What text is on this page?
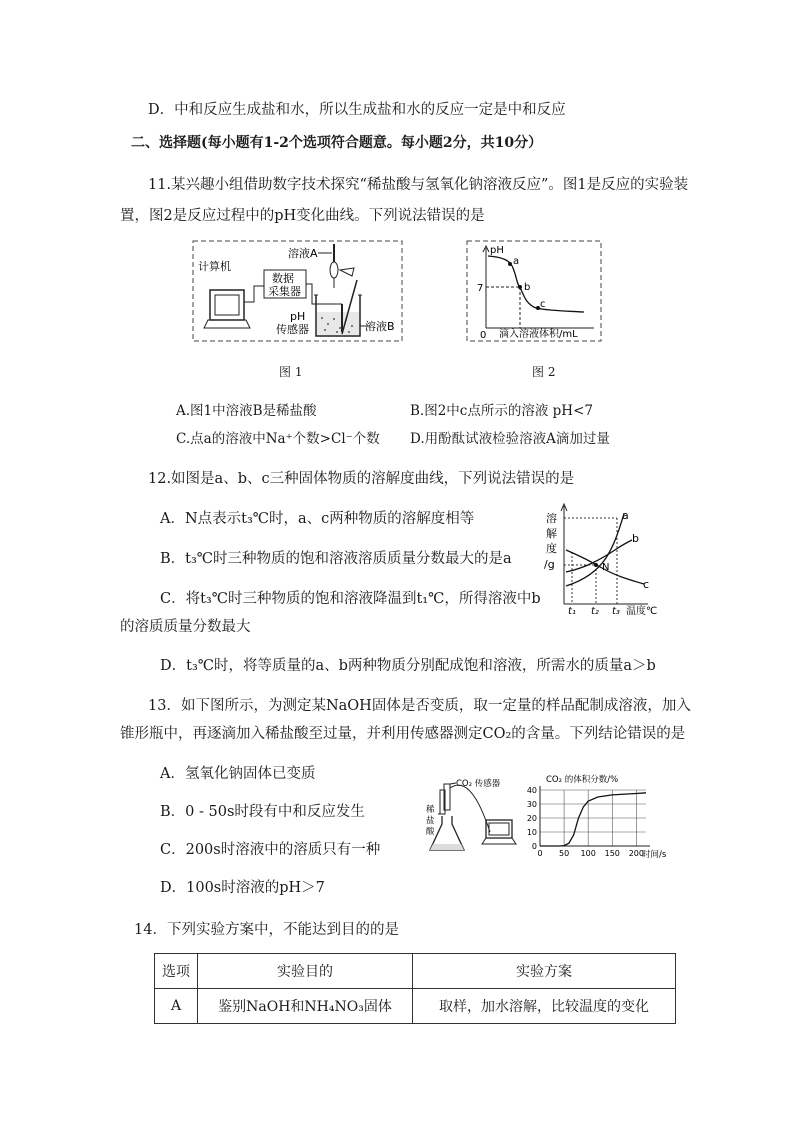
D．中和反应生成盐和水，所以生成盐和水的反应一定是中和反应
二、选择题(每小题有1-2个选项符合题意。每小题2分，共10分）
11.某兴趣小组借助数字技术探究“稀盐酸与氢氧化钠溶液反应”。图1是反应的实验装
置，图2是反应过程中的pH变化曲线。下列说法错误的是
溶液A
计算机
数据
采集器
pH
传感器	溶液B
pH
7
0 滴入溶液体积/mL
a
b
c
图 1	图 2
A.图1中溶液B是稀盐酸	B.图2中c点所示的溶液 pH<7
C.点a的溶液中Na⁺个数>Cl⁻个数 D.用酚酞试液检验溶液A滴加过量
12.如图是a、b、c三种固体物质的溶解度曲线，下列说法错误的是
A．N点表示t₃℃时，a、c两种物质的溶解度相等
B．t₃℃时三种物质的饱和溶液溶质质量分数最大的是a
C．将t₃℃时三种物质的饱和溶液降温到t₁℃，所得溶液中b
的溶质质量分数最大
D．t₃℃时，将等质量的a、b两种物质分别配成饱和溶液，所需水的质量a＞b
溶
解
度
/g	N
a
b
c
t₁ t₂ t₃ 温度℃
13．如下图所示，为测定某NaOH固体是否变质，取一定量的样品配制成溶液，加入
锥形瓶中，再逐滴加入稀盐酸至过量，并利用传感器测定CO₂的含量。下列结论错误的是
A．氢氧化钠固体已变质
B．0 - 50s时段有中和反应发生
C．200s时溶液中的溶质只有一种
D．100s时溶液的pH＞7
CO₂ 传感器
稀
盐
酸
CO₂ 的体积分数/%
0
10
20
30
40
0 50 100 150 200
时间/s
14．下列实验方案中，不能达到目的的是
选项	实验目的	实验方案
A	鉴别NaOH和NH₄NO₃固体	取样，加水溶解，比较温度的变化
